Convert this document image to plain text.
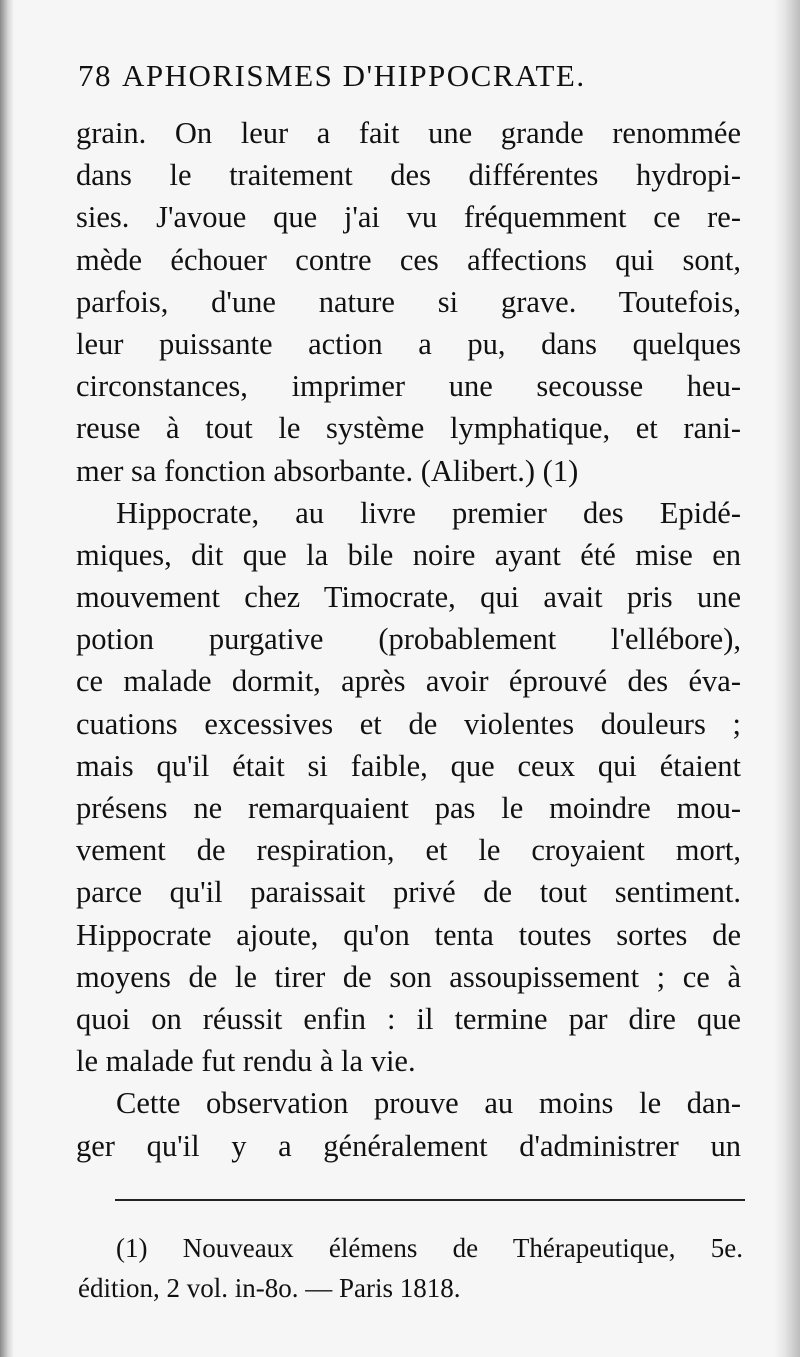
78 APHORISMES D'HIPPOCRATE.
grain. On leur a fait une grande renommée
dans le traitement des différentes hydropi-
sies. J'avoue que j'ai vu fréquemment ce re-
mède échouer contre ces affections qui sont,
parfois, d'une nature si grave. Toutefois,
leur puissante action a pu, dans quelques
circonstances, imprimer une secousse heu-
reuse à tout le système lymphatique, et rani-
mer sa fonction absorbante. (Alibert.) (1)
Hippocrate, au livre premier des Epidé-
miques, dit que la bile noire ayant été mise en
mouvement chez Timocrate, qui avait pris une
potion purgative (probablement l'ellébore),
ce malade dormit, après avoir éprouvé des éva-
cuations excessives et de violentes douleurs ;
mais qu'il était si faible, que ceux qui étaient
présens ne remarquaient pas le moindre mou-
vement de respiration, et le croyaient mort,
parce qu'il paraissait privé de tout sentiment.
Hippocrate ajoute, qu'on tenta toutes sortes de
moyens de le tirer de son assoupissement ; ce à
quoi on réussit enfin : il termine par dire que
le malade fut rendu à la vie.
Cette observation prouve au moins le dan-
ger qu'il y a généralement d'administrer un
(1) Nouveaux élémens de Thérapeutique, 5e.
édition, 2 vol. in-8o. — Paris 1818.
